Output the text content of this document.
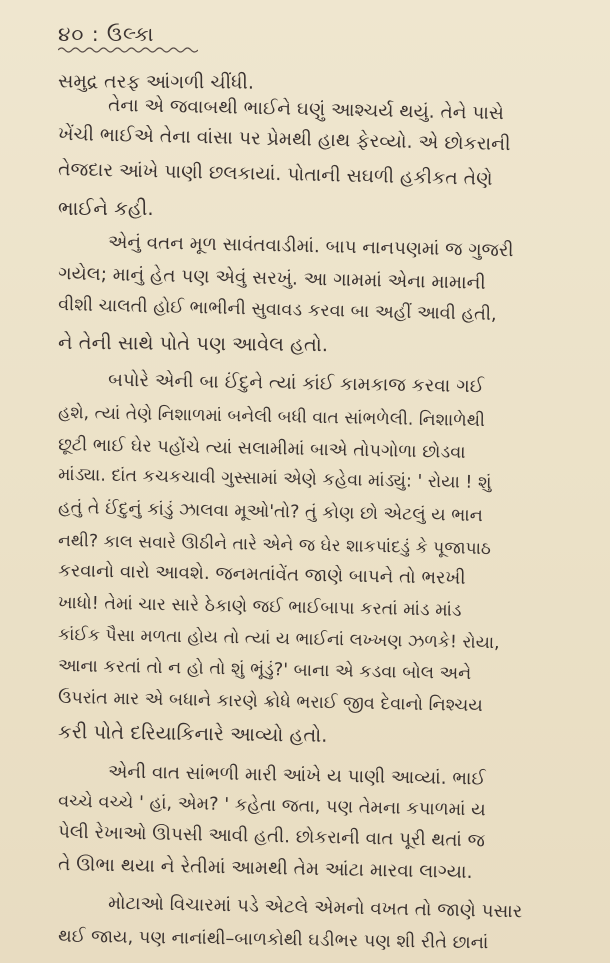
૪૦ : ઉલ્કા
સમુદ્ર તરફ આંગળી ચીંધી.
તેના એ જવાબથી ભાઈને ઘણું આશ્ચર્ય થયું. તેને પાસે
ખેંચી ભાઈએ તેના વાંસા પર પ્રેમથી હાથ ફેરવ્યો. એ છોકરાની
તેજદાર આંખે પાણી છલકાયાં. પોતાની સઘળી હકીકત તેણે
ભાઈને કહી.
એનું વતન મૂળ સાવંતવાડીમાં. બાપ નાનપણમાં જ ગુજરી
ગયેલ; માનું હેત પણ એવું સરખું. આ ગામમાં એના મામાની
વીશી ચાલતી હોઈ ભાભીની સુવાવડ કરવા બા અહીં આવી હતી,
ને તેની સાથે પોતે પણ આવેલ હતો.
બપોરે એની બા ઈંદુને ત્યાં કાંઈ કામકાજ કરવા ગઈ
હશે, ત્યાં તેણે નિશાળમાં બનેલી બધી વાત સાંભળેલી. નિશાળેથી
છૂટી ભાઈ ઘેર પહોંચે ત્યાં સલામીમાં બાએ તોપગોળા છોડવા
માંડ્યા. દાંત કચકચાવી ગુસ્સામાં એણે કહેવા માંડ્યું: ' રોયા ! શું
હતું તે ઈંદુનું કાંડું ઝાલવા મૂઓ'તો? તું કોણ છો એટલું ય ભાન
નથી? કાલ સવારે ઊઠીને તારે એને જ ઘેર શાકપાંદડું કે પૂજાપાઠ
કરવાનો વારો આવશે. જનમતાંવેંત જાણે બાપને તો ભરખી
ખાધો! તેમાં ચાર સારે ઠેકાણે જઈ ભાઈબાપા કરતાં માંડ માંડ
કાંઈક પૈસા મળતા હોય તો ત્યાં ય ભાઈનાં લખ્ખણ ઝળકે! રોયા,
આના કરતાં તો ન હો તો શું ભૂંડું?' બાના એ કડવા બોલ અને
ઉપરાંત માર એ બધાને કારણે ક્રોધે ભરાઈ જીવ દેવાનો નિશ્ચય
કરી પોતે દરિયાકિનારે આવ્યો હતો.
એની વાત સાંભળી મારી આંખે ય પાણી આવ્યાં. ભાઈ
વચ્ચે વચ્ચે ' હાં, એમ? ' કહેતા જતા, પણ તેમના કપાળમાં ય
પેલી રેખાઓ ઊપસી આવી હતી. છોકરાની વાત પૂરી થતાં જ
તે ઊભા થયા ને રેતીમાં આમથી તેમ આંટા મારવા લાગ્યા.
મોટાઓ વિચારમાં પડે એટલે એમનો વખત તો જાણે પસાર
થઈ જાય, પણ નાનાંથી–બાળકોથી ઘડીભર પણ શી રીતે છાનાં
